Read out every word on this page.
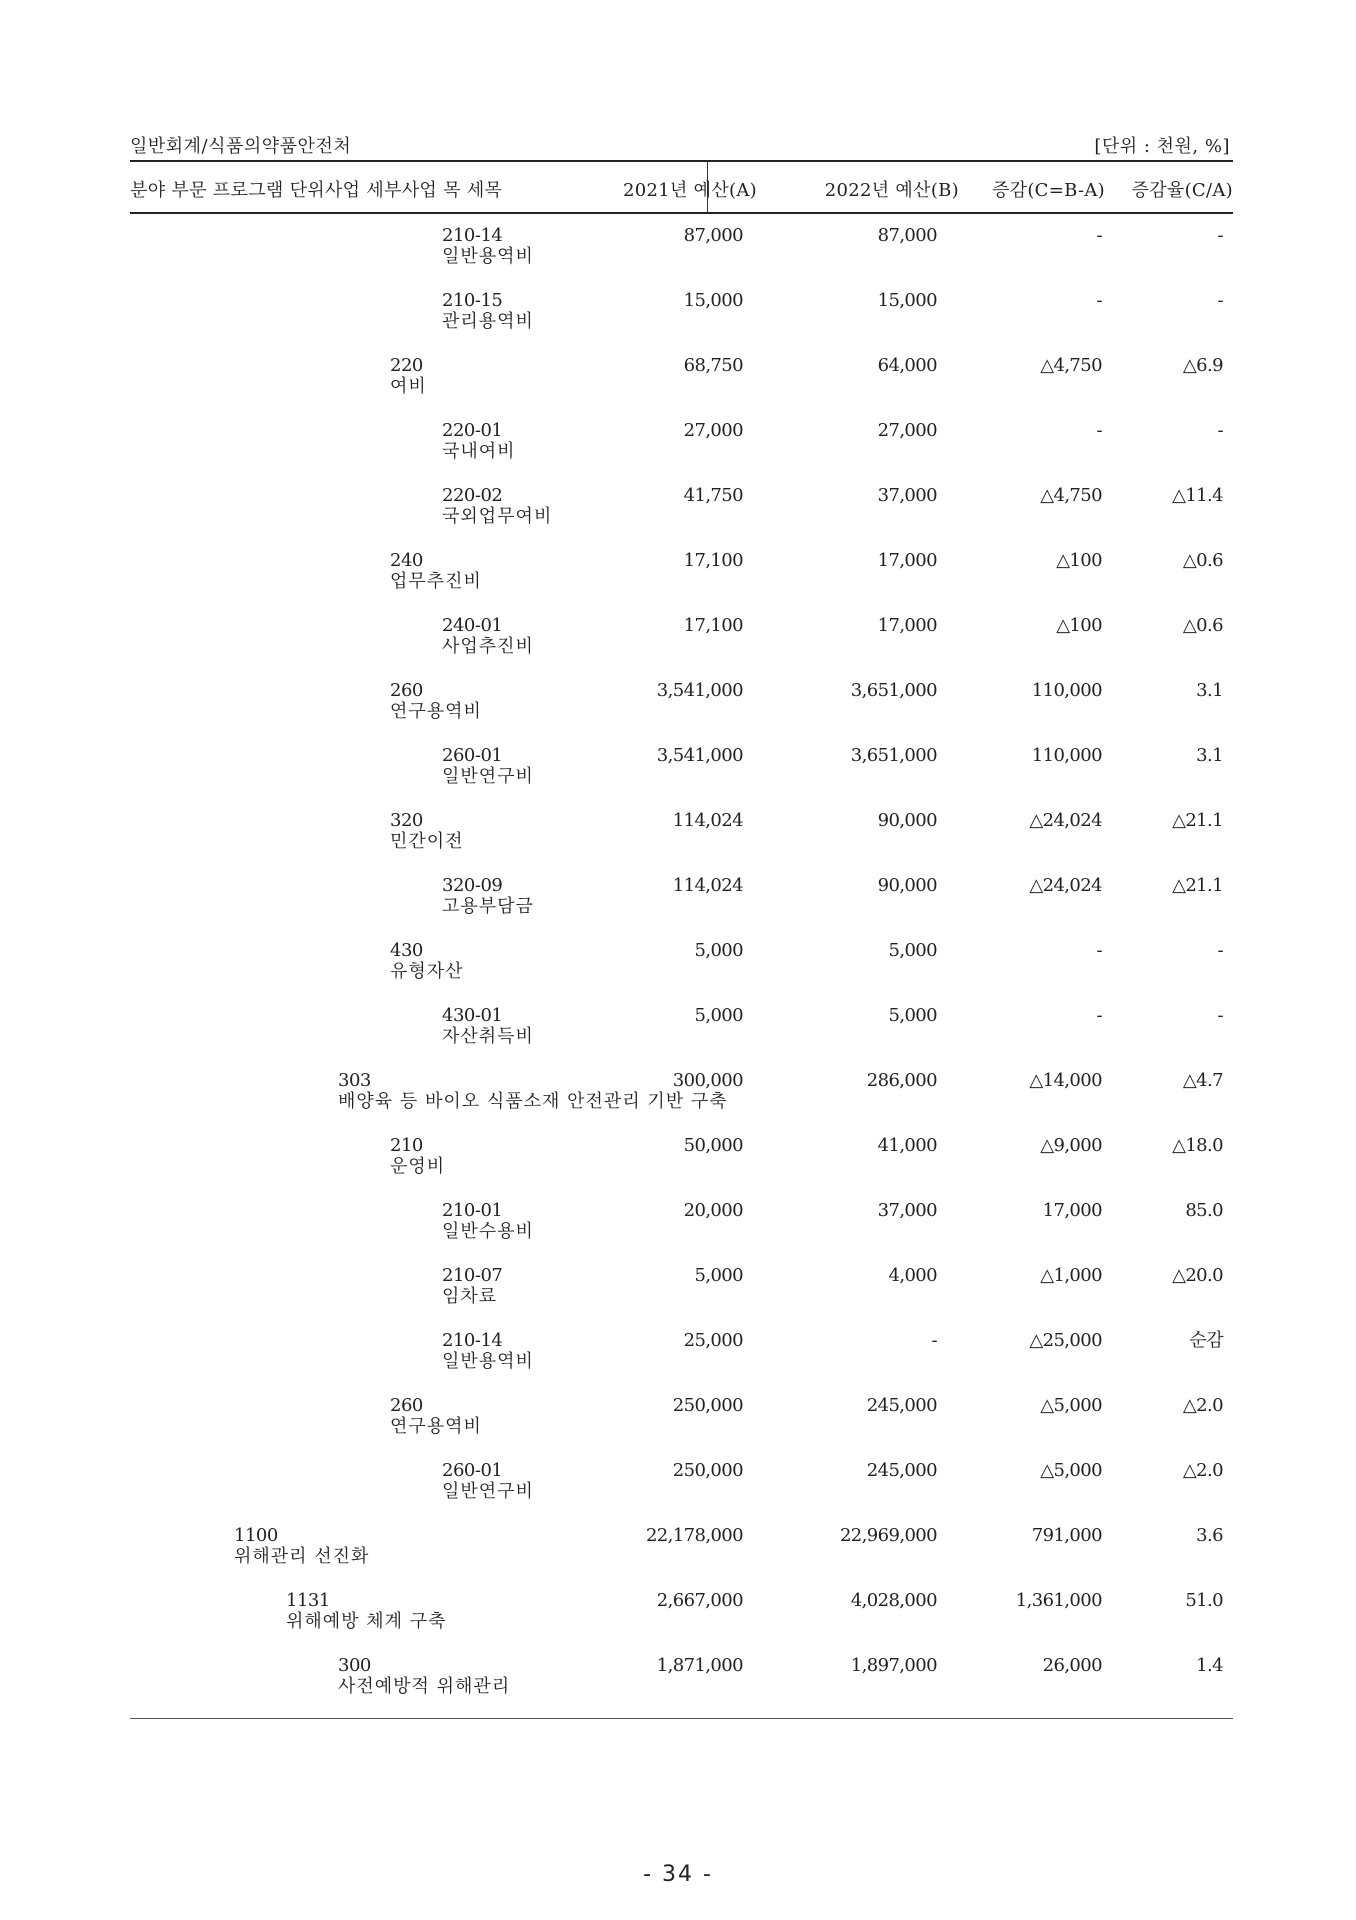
일반회계/식품의약품안전처	[단위 : 천원, %]
분야 부문 프로그램 단위사업 세부사업 목 세목	2021년 예산(A)	2022년 예산(B) 증감(C=B-A) 증감율(C/A)
210-14
일반용역비
87,000	87,000	-	-
210-15
관리용역비
15,000	15,000	-	-
220
여비
68,750	64,000	△4,750	△6.9
220-01
국내여비
27,000	27,000	-	-
220-02
국외업무여비
41,750	37,000	△4,750	△11.4
240
업무추진비
17,100	17,000	△100	△0.6
240-01
사업추진비
17,100	17,000	△100	△0.6
260
연구용역비
3,541,000	3,651,000	110,000	3.1
260-01
일반연구비
3,541,000	3,651,000	110,000	3.1
320
민간이전
114,024	90,000	△24,024	△21.1
320-09
고용부담금
114,024	90,000	△24,024	△21.1
430
유형자산
5,000	5,000	-	-
430-01
자산취득비
5,000	5,000	-	-
303
배양육 등 바이오 식품소재 안전관리 기반 구축
300,000	286,000	△14,000	△4.7
210
운영비
50,000	41,000	△9,000	△18.0
210-01
일반수용비
20,000	37,000	17,000	85.0
210-07
임차료
5,000	4,000	△1,000	△20.0
210-14
일반용역비
25,000	-	△25,000	순감
260
연구용역비
250,000	245,000	△5,000	△2.0
260-01
일반연구비
250,000	245,000	△5,000	△2.0
1100
위해관리 선진화
22,178,000	22,969,000	791,000	3.6
1131
위해예방 체계 구축
2,667,000	4,028,000	1,361,000	51.0
300
사전예방적 위해관리
1,871,000	1,897,000	26,000	1.4
- 34 -
